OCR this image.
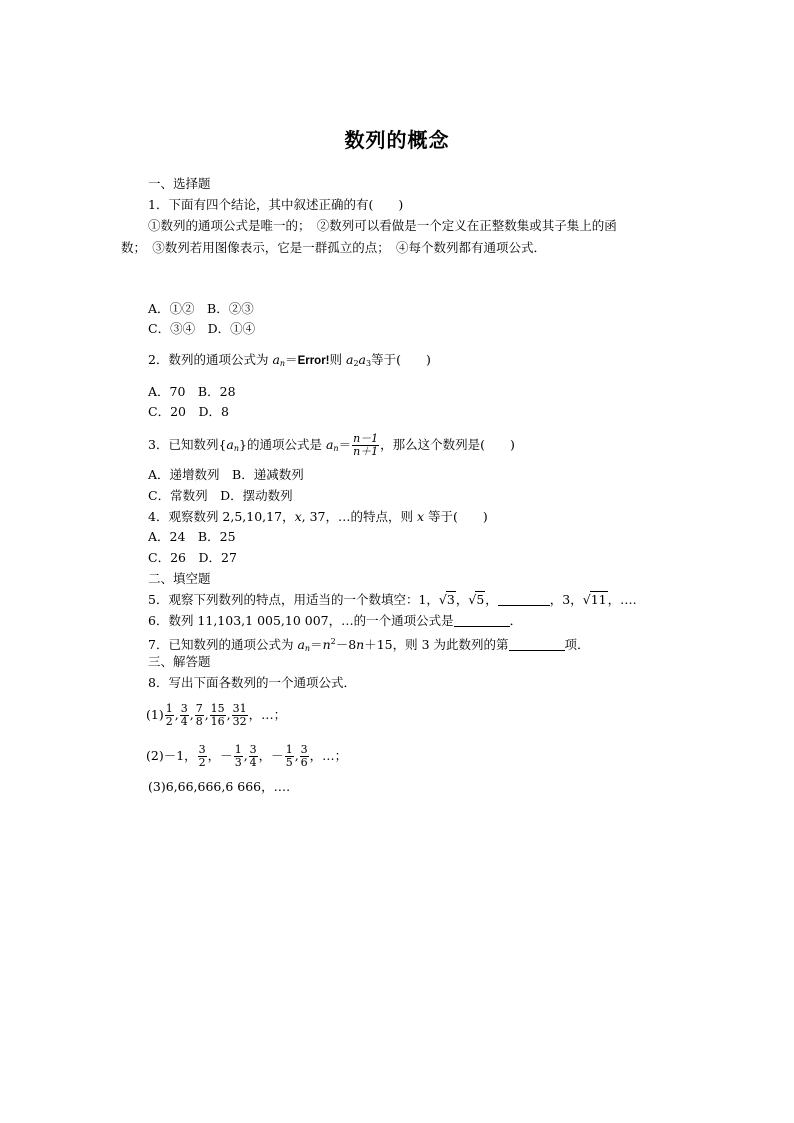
数列的概念
一、选择题
1．下面有四个结论，其中叙述正确的有(　　)
①数列的通项公式是唯一的；　②数列可以看做是一个定义在正整数集或其子集上的函
数；　③数列若用图像表示，它是一群孤立的点；　④每个数列都有通项公式．
A．①②　B．②③
C．③④　D．①④
2．数列的通项公式为 $a_n=Error$!则 $a_2a_3$等于(　　)
A．70　B．28
C．20　D．8
3．已知数列$\{a_n\}$的通项公式是 $a_n= \frac{n-1}{n+1}$ ，那么这个数列是(　　)
A．递增数列　B．递减数列
C．常数列　D．摆动数列
4．观察数列 2,5,10,17，x, 37，…的特点，则 x 等于(　　)
A．24　B．25
C．26　D．27
二、填空题
5．观察下列数列的特点，用适当的一个数填空：1，√3，√5，	，3，√11，….
6．数列 11,103,1 005,10 007，…的一个通项公式是	．
7．已知数列的通项公式为 $a_n=n^2-8n+15$，则 3 为此数列的第	项．
三、解答题
8．写出下面各数列的一个通项公式．
$(1) \frac{1}{2}$ , $\frac{3}{4}$ , $\frac{7}{8}$ , $\frac{15}{16}$ , $\frac{31}{32}$ ，…；
(2)－1， $\frac{3}{2}$ ，－ $\frac{1}{3}$ , $\frac{3}{4}$ ，－ $\frac{1}{5}$ , $\frac{3}{6}$ ，…；
(3)6,66,666,6 666，….
